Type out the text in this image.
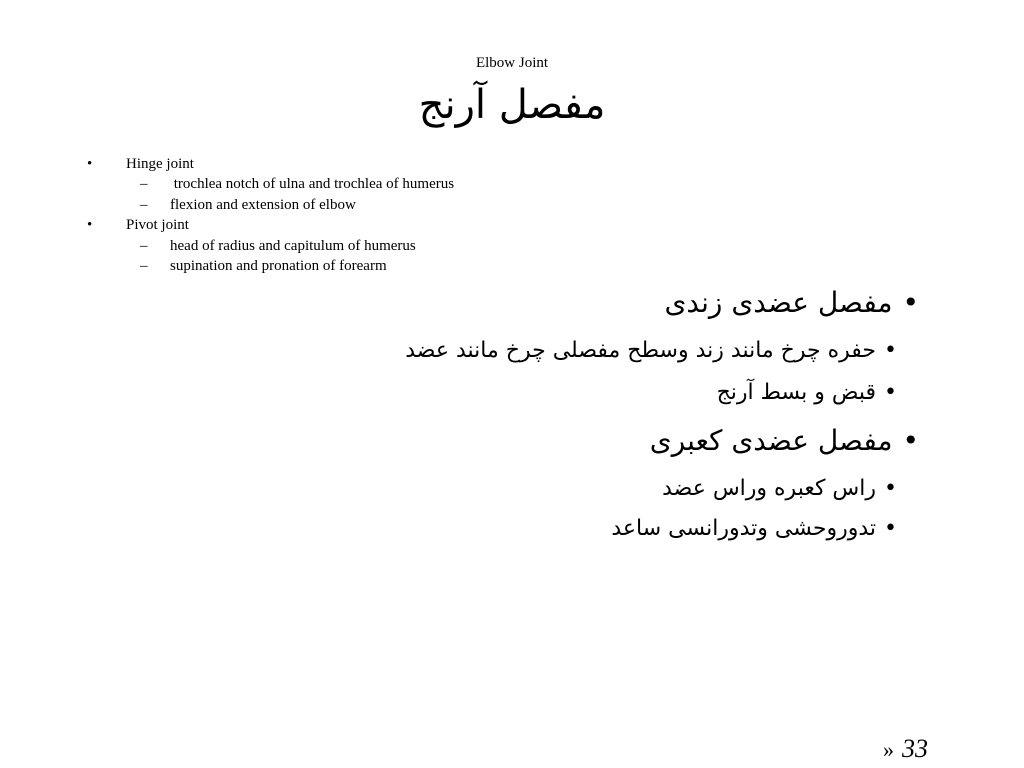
Elbow Joint
مفصل آرنج
• Hinge joint
– trochlea notch of ulna and trochlea of humerus
– flexion and extension of elbow
• Pivot joint
– head of radius and capitulum of humerus
– supination and pronation of forearm
•مفصل عضدی زندی
•حفره چرخ مانند زند وسطح مفصلی چرخ مانند عضد
•قبض و بسط آرنج
•مفصل عضدی کعبری
•راس کعبره وراس عضد
•تدوروحشی وتدورانسی ساعد
» 33
